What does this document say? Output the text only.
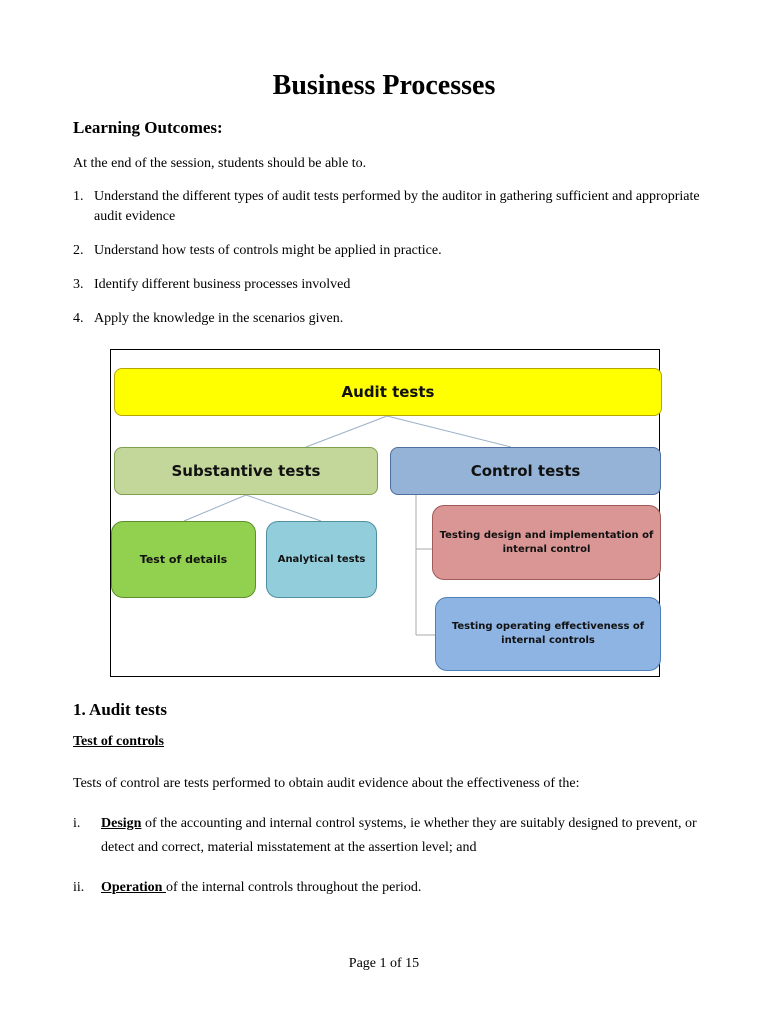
Business Processes
Learning Outcomes:
At the end of the session, students should be able to.
1. Understand the different types of audit tests performed by the auditor in gathering sufficient and appropriate audit evidence
2. Understand how tests of controls might be applied in practice.
3. Identify different business processes involved
4. Apply the knowledge in the scenarios given.
Audit tests
Substantive tests	Control tests
Test of details	Analytical tests
Testing design and implementation of internal control
Testing operating effectiveness of internal controls
1. Audit tests
Test of controls
Tests of control are tests performed to obtain audit evidence about the effectiveness of the:
i. Design of the accounting and internal control systems, ie whether they are suitably designed to prevent, or detect and correct, material misstatement at the assertion level; and
ii. Operation of the internal controls throughout the period.
Page 1 of 15
